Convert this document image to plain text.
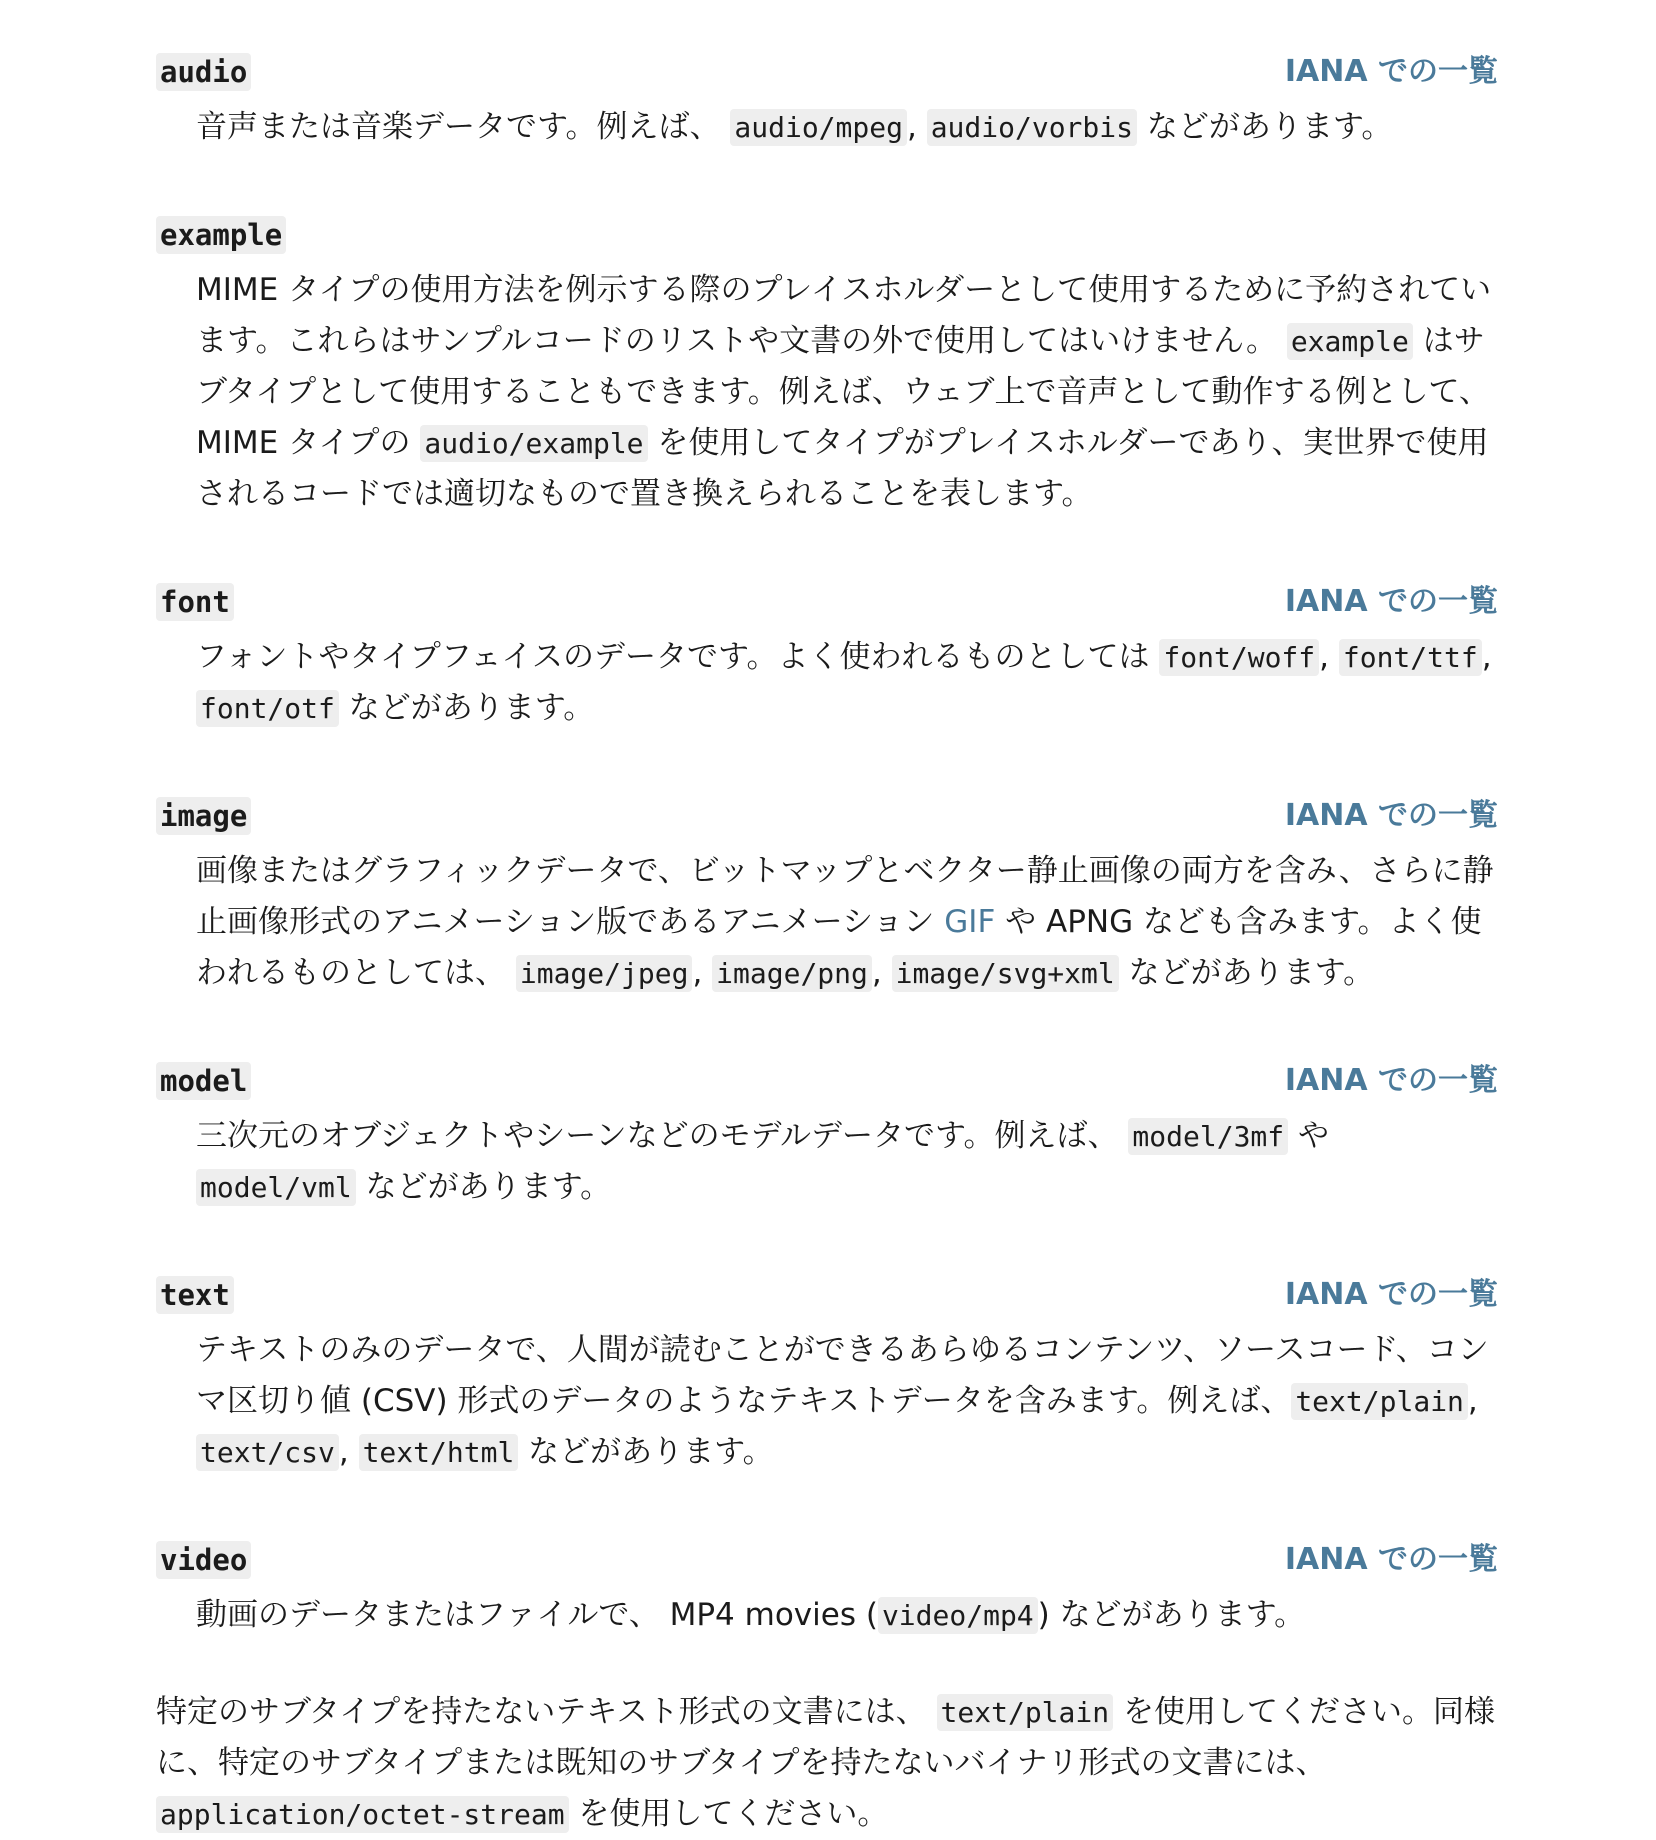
audio	IANA での一覧
音声または音楽データです。例えば、 audio/mpeg , audio/vorbis などがあります。
example
MIME タイプの使用方法を例示する際のプレイスホルダーとして使用するために予約されています。これらはサンプルコードのリストや文書の外で使用してはいけません。 example はサブタイプとして使用することもできます。例えば、ウェブ上で音声として動作する例として、 MIME タイプの audio/example を使用してタイプがプレイスホルダーであり、実世界で使用されるコードでは適切なもので置き換えられることを表します。
font	IANA での一覧
フォントやタイプフェイスのデータです。よく使われるものとしては font/woff , font/ttf , font/otf などがあります。
image	IANA での一覧
画像またはグラフィックデータで、ビットマップとベクター静止画像の両方を含み、さらに静止画像形式のアニメーション版であるアニメーション GIF や APNG なども含みます。よく使われるものとしては、 image/jpeg , image/png , image/svg+xml などがあります。
model	IANA での一覧
三次元のオブジェクトやシーンなどのモデルデータです。例えば、 model/3mf や model/vml などがあります。
text	IANA での一覧
テキストのみのデータで、人間が読むことができるあらゆるコンテンツ、ソースコード、コンマ区切り値 (CSV) 形式のデータのようなテキストデータを含みます。例えば、 text/plain , text/csv , text/html などがあります。
video	IANA での一覧
動画のデータまたはファイルで、 MP4 movies ( video/mp4 ) などがあります。

特定のサブタイプを持たないテキスト形式の文書には、 text/plain を使用してください。同様に、特定のサブタイプまたは既知のサブタイプを持たないバイナリ形式の文書には、application/octet-stream を使用してください。
